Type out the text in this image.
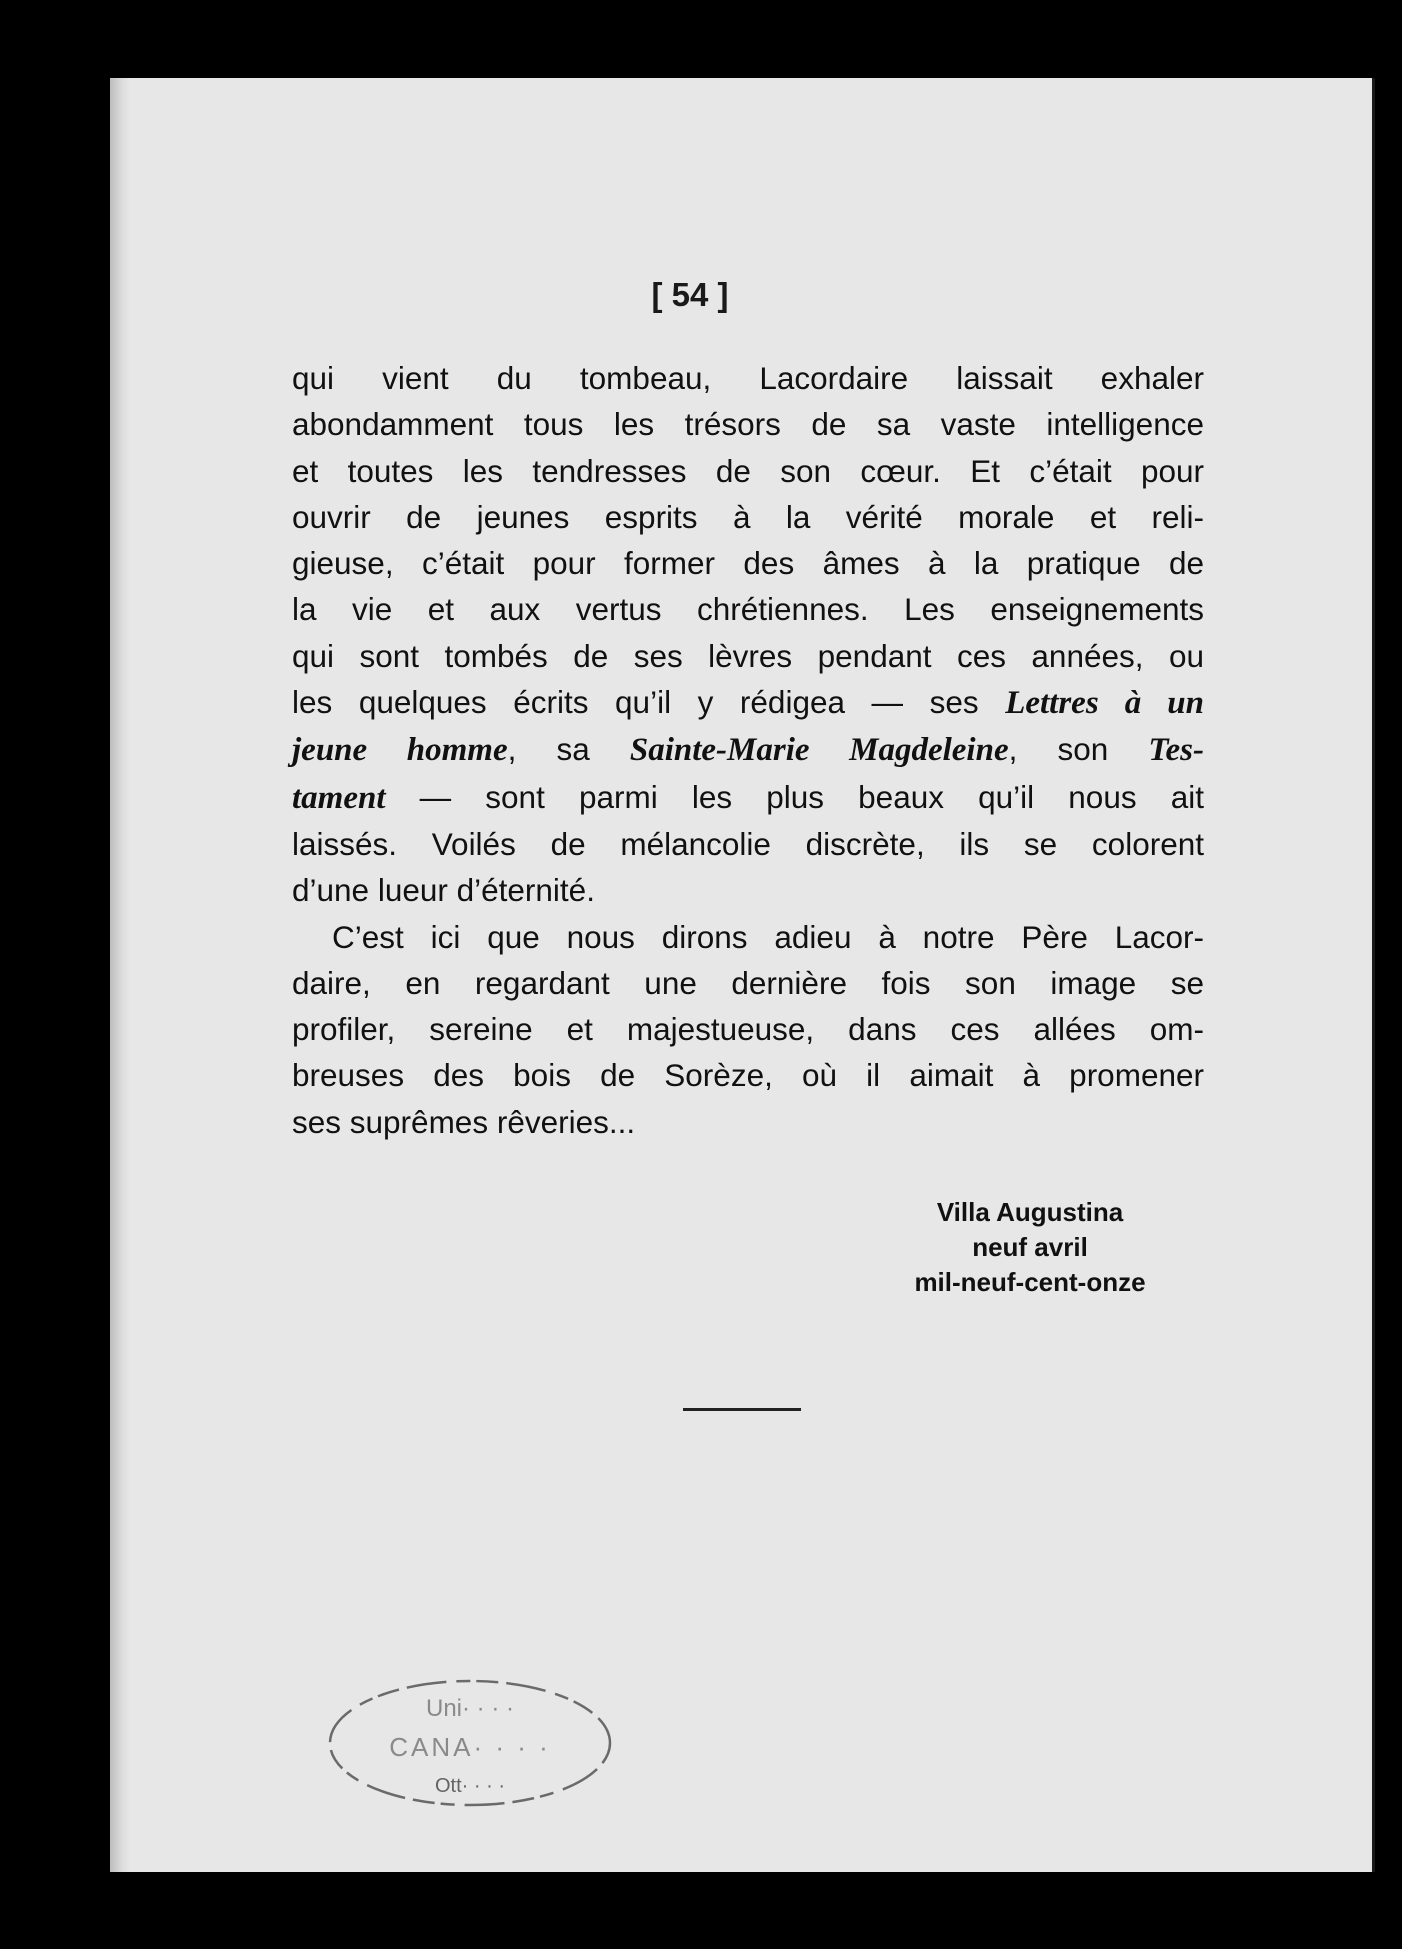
[ 54 ]
qui vient du tombeau, Lacordaire laissait exhaler
abondamment tous les trésors de sa vaste intelligence
et toutes les tendresses de son cœur. Et c’était pour
ouvrir de jeunes esprits à la vérité morale et reli-
gieuse, c’était pour former des âmes à la pratique de
la vie et aux vertus chrétiennes. Les enseignements
qui sont tombés de ses lèvres pendant ces années, ou
les quelques écrits qu’il y rédigea — ses Lettres à un
jeune homme, sa Sainte-Marie Magdeleine, son Tes-
tament — sont parmi les plus beaux qu’il nous ait
laissés. Voilés de mélancolie discrète, ils se colorent
d’une lueur d’éternité.
C’est ici que nous dirons adieu à notre Père Lacor-
daire, en regardant une dernière fois son image se
profiler, sereine et majestueuse, dans ces allées om-
breuses des bois de Sorèze, où il aimait à promener
ses suprêmes rêveries...
Villa Augustina
neuf avril
mil-neuf-cent-onze
Uni· · · ·
CANA· · · ·
Ott· · · ·
